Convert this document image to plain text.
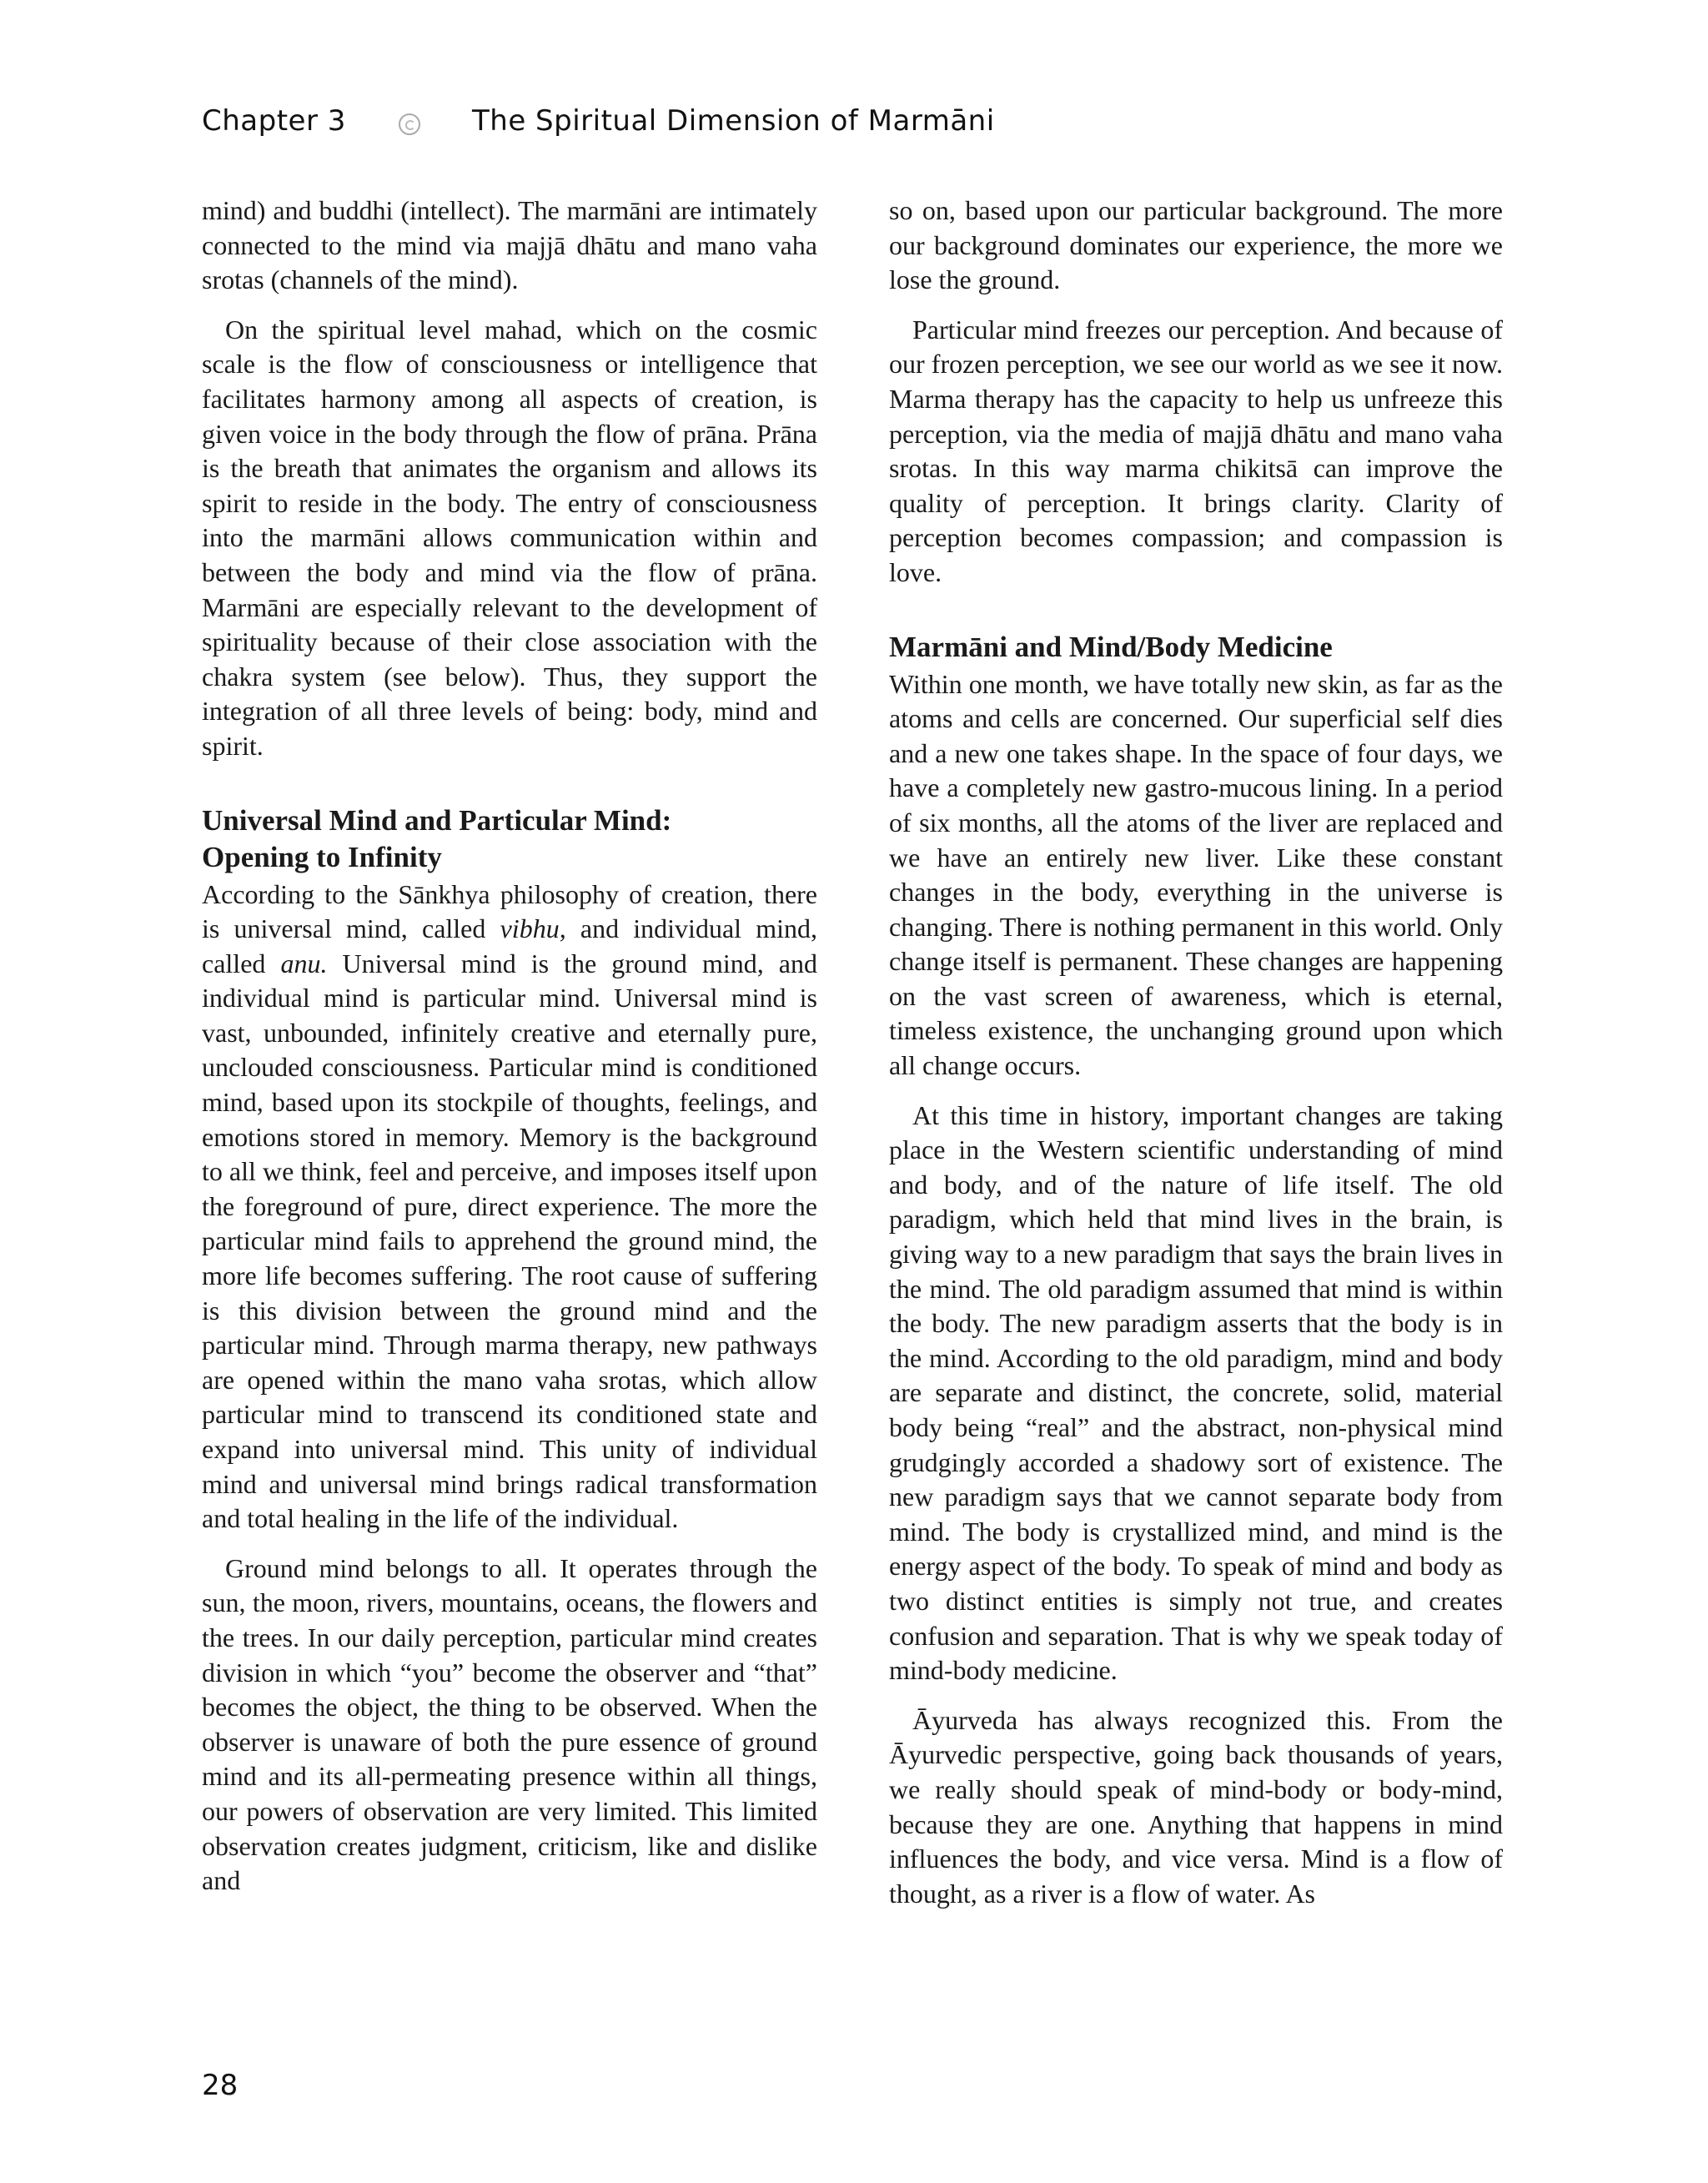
Chapter 3	The Spiritual Dimension of Marmāni

mind) and buddhi (intellect). The marmāni are intimately connected to the mind via majjā dhātu and mano vaha srotas (channels of the mind).

On the spiritual level mahad, which on the cosmic scale is the flow of consciousness or intelligence that facilitates harmony among all aspects of creation, is given voice in the body through the flow of prāna. Prāna is the breath that animates the organism and allows its spirit to reside in the body. The entry of consciousness into the marmāni allows communication within and between the body and mind via the flow of prāna. Marmāni are especially relevant to the development of spirituality because of their close association with the chakra system (see below). Thus, they support the integration of all three levels of being: body, mind and spirit.

Universal Mind and Particular Mind:
Opening to Infinity

According to the Sānkhya philosophy of creation, there is universal mind, called vibhu, and individual mind, called anu. Universal mind is the ground mind, and individual mind is particular mind. Universal mind is vast, unbounded, infinitely creative and eternally pure, unclouded consciousness. Particular mind is conditioned mind, based upon its stockpile of thoughts, feelings, and emotions stored in memory. Memory is the background to all we think, feel and perceive, and imposes itself upon the foreground of pure, direct experience. The more the particular mind fails to apprehend the ground mind, the more life becomes suffering. The root cause of suffering is this division between the ground mind and the particular mind. Through marma therapy, new pathways are opened within the mano vaha srotas, which allow particular mind to transcend its conditioned state and expand into universal mind. This unity of individual mind and universal mind brings radical transformation and total healing in the life of the individual.

Ground mind belongs to all. It operates through the sun, the moon, rivers, mountains, oceans, the flowers and the trees. In our daily perception, particular mind creates division in which “you” become the observer and “that” becomes the object, the thing to be observed. When the observer is unaware of both the pure essence of ground mind and its all-permeating presence within all things, our powers of observation are very limited. This limited observation creates judgment, criticism, like and dislike and

so on, based upon our particular background. The more our background dominates our experience, the more we lose the ground.

Particular mind freezes our perception. And because of our frozen perception, we see our world as we see it now. Marma therapy has the capacity to help us unfreeze this perception, via the media of majjā dhātu and mano vaha srotas. In this way marma chikitsā can improve the quality of perception. It brings clarity. Clarity of perception becomes compassion; and compassion is love.

Marmāni and Mind/Body Medicine

Within one month, we have totally new skin, as far as the atoms and cells are concerned. Our superficial self dies and a new one takes shape. In the space of four days, we have a completely new gastro-mucous lining. In a period of six months, all the atoms of the liver are replaced and we have an entirely new liver. Like these constant changes in the body, everything in the universe is changing. There is nothing permanent in this world. Only change itself is permanent. These changes are happening on the vast screen of awareness, which is eternal, timeless existence, the unchanging ground upon which all change occurs.

At this time in history, important changes are taking place in the Western scientific understanding of mind and body, and of the nature of life itself. The old paradigm, which held that mind lives in the brain, is giving way to a new paradigm that says the brain lives in the mind. The old paradigm assumed that mind is within the body. The new paradigm asserts that the body is in the mind. According to the old paradigm, mind and body are separate and distinct, the concrete, solid, material body being “real” and the abstract, non-physical mind grudgingly accorded a shadowy sort of existence. The new paradigm says that we cannot separate body from mind. The body is crystallized mind, and mind is the energy aspect of the body. To speak of mind and body as two distinct entities is simply not true, and creates confusion and separation. That is why we speak today of mind-body medicine.

Āyurveda has always recognized this. From the Āyurvedic perspective, going back thousands of years, we really should speak of mind-body or body-mind, because they are one. Anything that happens in mind influences the body, and vice versa. Mind is a flow of thought, as a river is a flow of water. As

28
